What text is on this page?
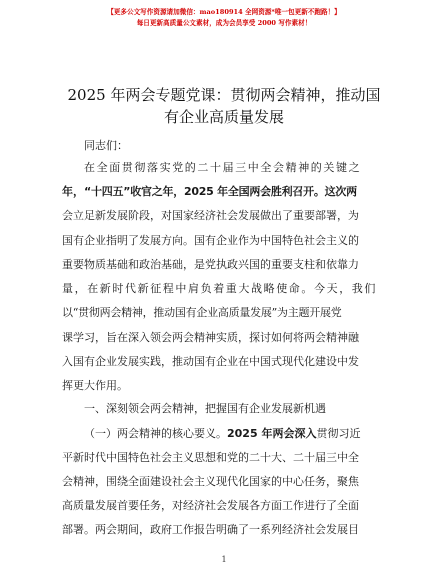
【更多公文写作资源请加微信：mao180914 全网资源*唯一包更新不跑路！】
每日更新高质量公文素材，成为会员享受 2000 写作素材！
2025 年两会专题党课：贯彻两会精神，推动国
有企业高质量发展
同志们：
在全面贯彻落实党的二十届三中全会精神的关键之
年，“十四五”收官之年，2025 年全国两会胜利召开。这次两
会立足新发展阶段，对国家经济社会发展做出了重要部署，为
国有企业指明了发展方向。国有企业作为中国特色社会主义的
重要物质基础和政治基础，是党执政兴国的重要支柱和依靠力
量，在新时代新征程中肩负着重大战略使命。今天，我们
以“贯彻两会精神，推动国有企业高质量发展”为主题开展党
课学习，旨在深入领会两会精神实质，探讨如何将两会精神融
入国有企业发展实践，推动国有企业在中国式现代化建设中发
挥更大作用。
一、深刻领会两会精神，把握国有企业发展新机遇
（一）两会精神的核心要义。2025 年两会深入贯彻习近
平新时代中国特色社会主义思想和党的二十大、二十届三中全
会精神，围绕全面建设社会主义现代化国家的中心任务，聚焦
高质量发展首要任务，对经济社会发展各方面工作进行了全面
部署。两会期间，政府工作报告明确了一系列经济社会发展目
1
